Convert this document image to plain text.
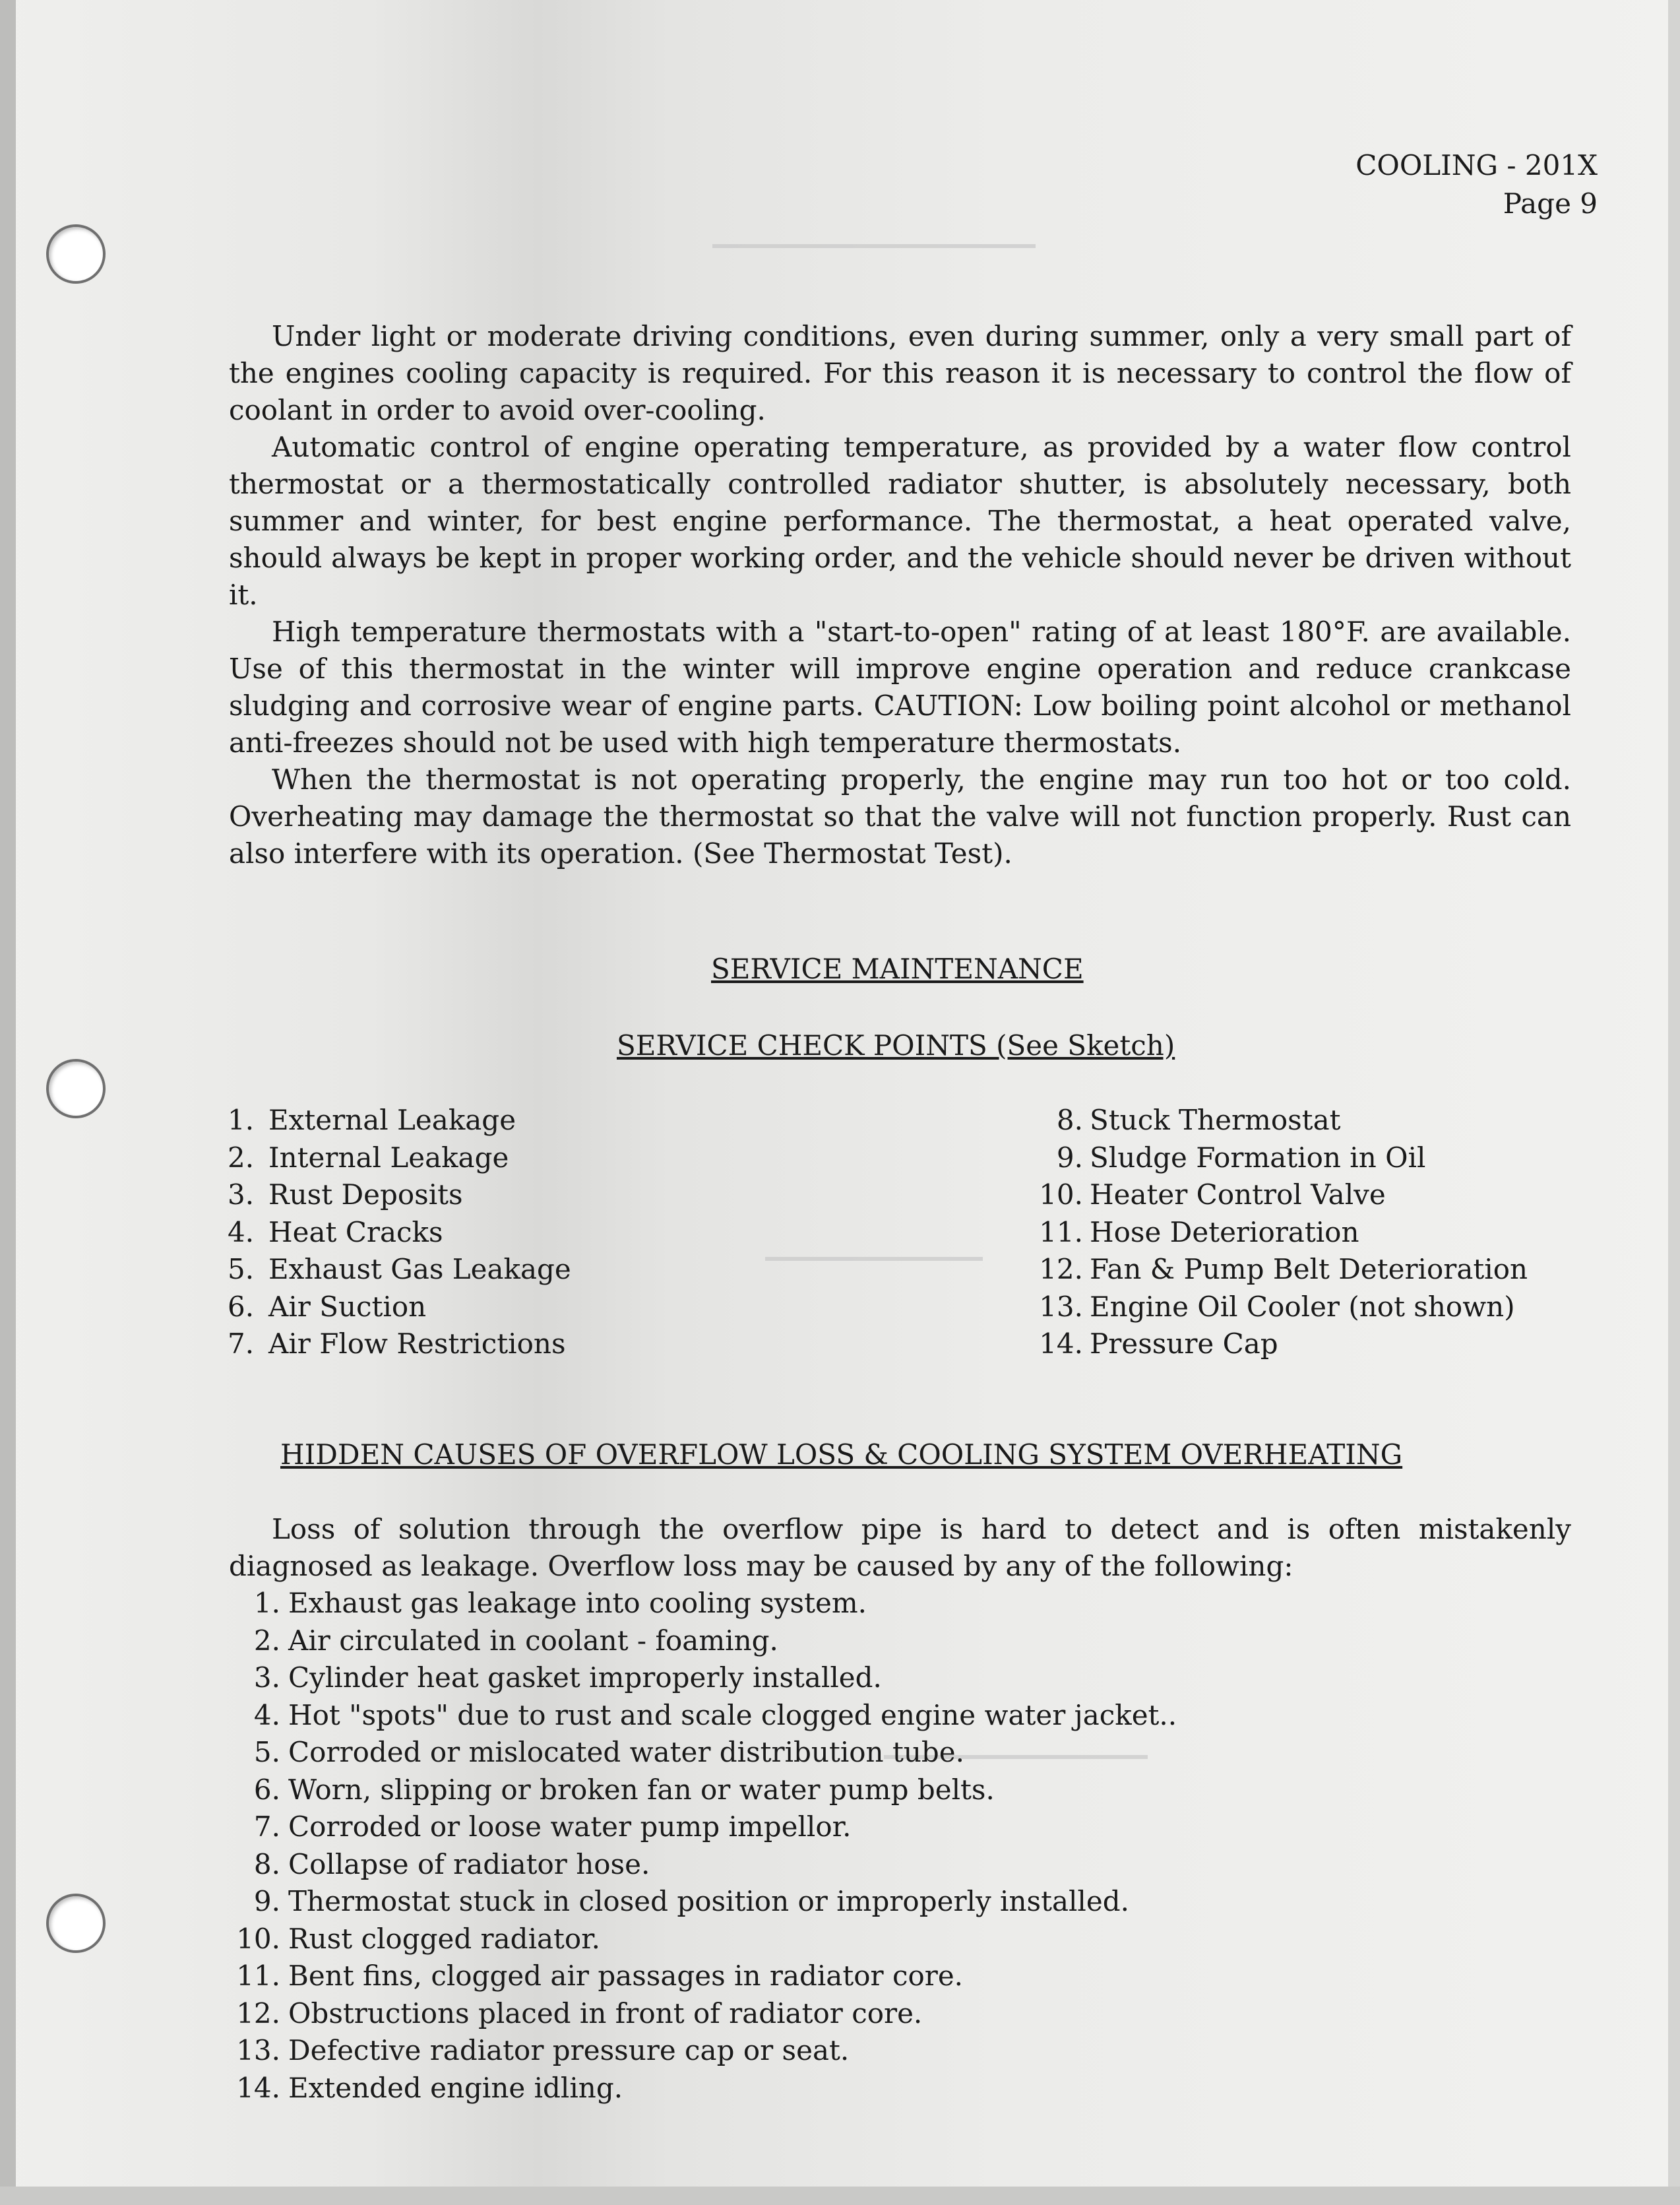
COOLING - 201X
Page 9

Under light or moderate driving conditions, even during summer, only a very small part of the engines cooling capacity is required. For this reason it is necessary to control the flow of coolant in order to avoid over-cooling.

Automatic control of engine operating temperature, as provided by a water flow control thermostat or a thermostatically controlled radiator shutter, is absolutely necessary, both summer and winter, for best engine performance. The thermostat, a heat operated valve, should always be kept in proper working order, and the vehicle should never be driven without it.

High temperature thermostats with a "start-to-open" rating of at least 180°F. are available. Use of this thermostat in the winter will improve engine operation and reduce crankcase sludging and corrosive wear of engine parts. CAUTION: Low boiling point alcohol or methanol anti-freezes should not be used with high temperature thermostats.

When the thermostat is not operating properly, the engine may run too hot or too cold. Overheating may damage the thermostat so that the valve will not function properly. Rust can also interfere with its operation. (See Thermostat Test).

SERVICE MAINTENANCE
SERVICE CHECK POINTS (See Sketch)
1. External Leakage
2. Internal Leakage
3. Rust Deposits
4. Heat Cracks
5. Exhaust Gas Leakage
6. Air Suction
7. Air Flow Restrictions
8. Stuck Thermostat
9. Sludge Formation in Oil
10. Heater Control Valve
11. Hose Deterioration
12. Fan & Pump Belt Deterioration
13. Engine Oil Cooler (not shown)
14. Pressure Cap
HIDDEN CAUSES OF OVERFLOW LOSS & COOLING SYSTEM OVERHEATING

Loss of solution through the overflow pipe is hard to detect and is often mistakenly diagnosed as leakage. Overflow loss may be caused by any of the following:

1. Exhaust gas leakage into cooling system.
2. Air circulated in coolant - foaming.
3. Cylinder heat gasket improperly installed.
4. Hot "spots" due to rust and scale clogged engine water jacket..
5. Corroded or mislocated water distribution tube.
6. Worn, slipping or broken fan or water pump belts.
7. Corroded or loose water pump impellor.
8. Collapse of radiator hose.
9. Thermostat stuck in closed position or improperly installed.
10. Rust clogged radiator.
11. Bent fins, clogged air passages in radiator core.
12. Obstructions placed in front of radiator core.
13. Defective radiator pressure cap or seat.
14. Extended engine idling.
